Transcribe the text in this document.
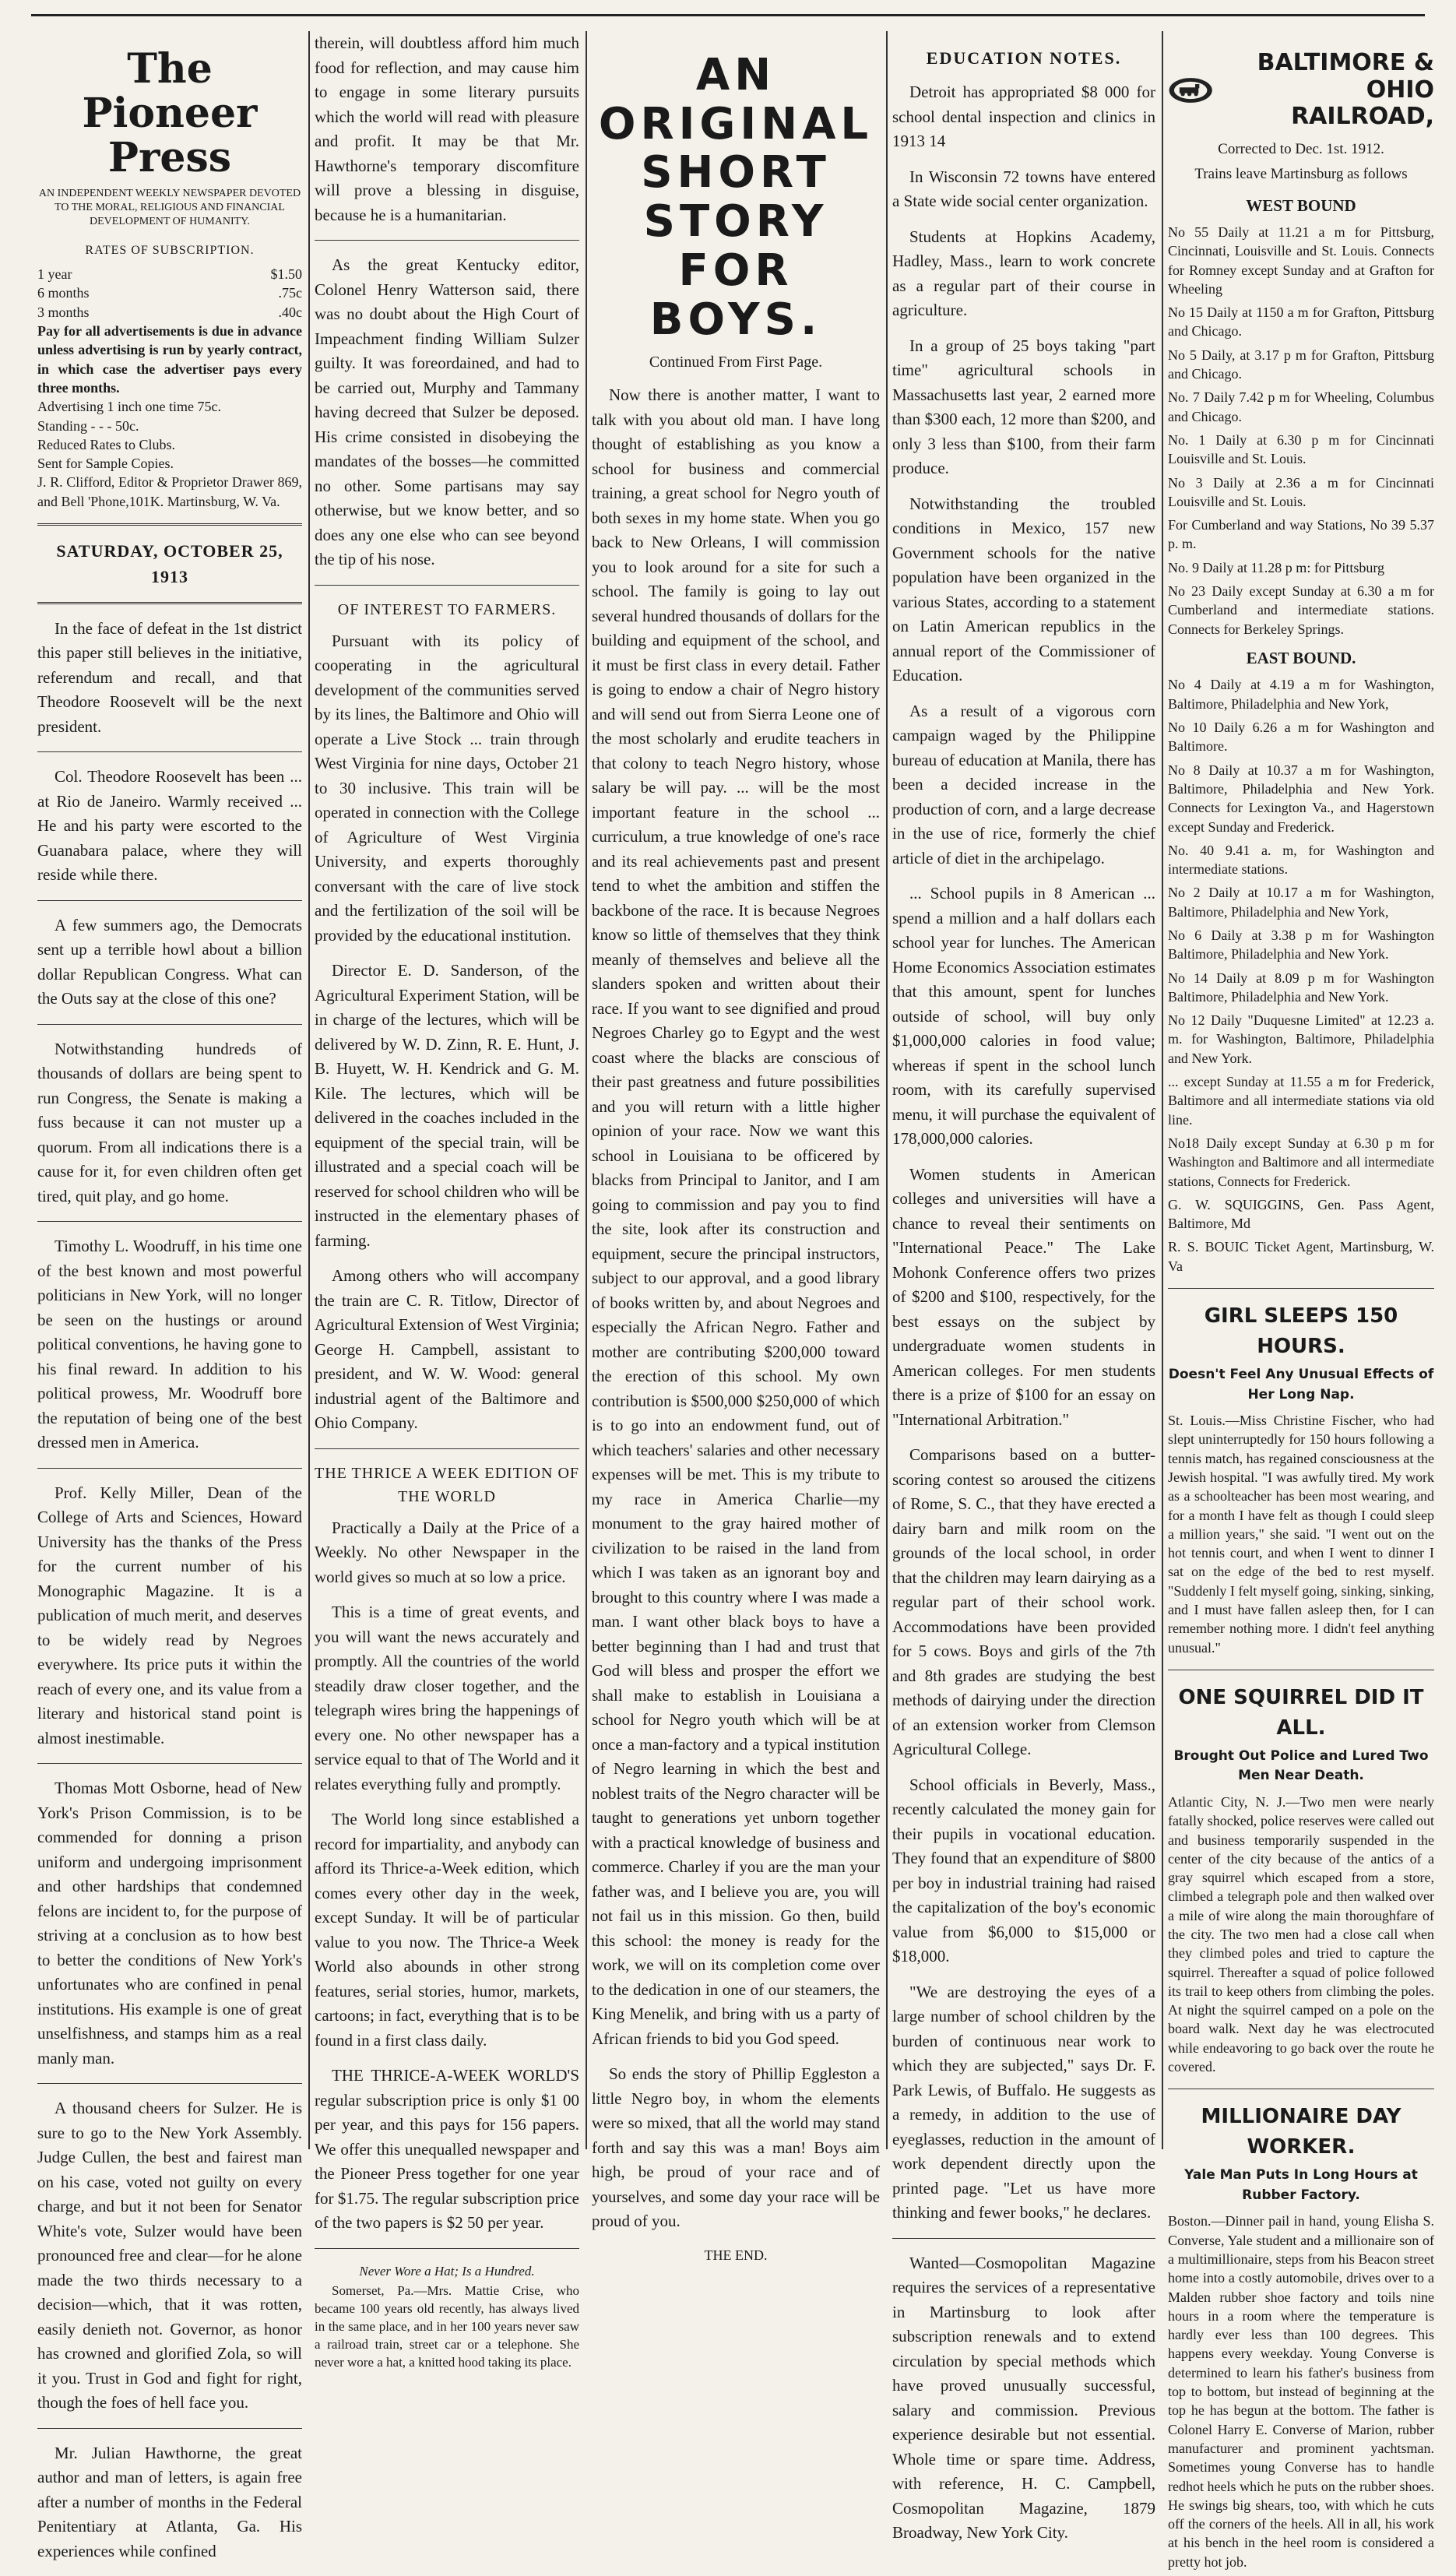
The Pioneer Press
AN INDEPENDENT WEEKLY NEWSPAPER DEVOTED TO THE MORAL, RELIGIOUS AND FINANCIAL DEVELOPMENT OF HUMANITY.
RATES OF SUBSCRIPTION.
1 year	$1.50
6 months	.75c
3 months	.40c
Pay for all advertisements is due in advance unless advertising is run by yearly contract, in which case the advertiser pays every three months.
Advertising 1 inch one time 75c.
Standing - - - 50c.
Reduced Rates to Clubs.
Sent for Sample Copies.
J. R. Clifford, Editor & Proprietor Drawer 869, and Bell 'Phone,101K. Martinsburg, W. Va.
SATURDAY, OCTOBER 25, 1913

In the face of defeat in the 1st district this paper still believes in the initiative, referendum and recall, and that Theodore Roosevelt will be the next president.

Col. Theodore Roosevelt has been ... at Rio de Janeiro. Warmly received ... He and his party were escorted to the Guanabara palace, where they will reside while there.

A few summers ago, the Democrats sent up a terrible howl about a billion dollar Republican Congress. What can the Outs say at the close of this one?

Notwithstanding hundreds of thousands of dollars are being spent to run Congress, the Senate is making a fuss because it can not muster up a quorum. From all indications there is a cause for it, for even children often get tired, quit play, and go home.

Timothy L. Woodruff, in his time one of the best known and most powerful politicians in New York, will no longer be seen on the hustings or around political conventions, he having gone to his final reward. In addition to his political prowess, Mr. Woodruff bore the reputation of being one of the best dressed men in America.

Prof. Kelly Miller, Dean of the College of Arts and Sciences, Howard University has the thanks of the Press for the current number of his Monographic Magazine. It is a publication of much merit, and deserves to be widely read by Negroes everywhere. Its price puts it within the reach of every one, and its value from a literary and historical stand point is almost inestimable.

Thomas Mott Osborne, head of New York's Prison Commission, is to be commended for donning a prison uniform and undergoing imprisonment and other hardships that condemned felons are incident to, for the purpose of striving at a conclusion as to how best to better the conditions of New York's unfortunates who are confined in penal institutions. His example is one of great unselfishness, and stamps him as a real manly man.

A thousand cheers for Sulzer. He is sure to go to the New York Assembly. Judge Cullen, the best and fairest man on his case, voted not guilty on every charge, and but it not been for Senator White's vote, Sulzer would have been pronounced free and clear—for he alone made the two thirds necessary to a decision—which, that it was rotten, easily denieth not. Governor, as honor has crowned and glorified Zola, so will it you. Trust in God and fight for right, though the foes of hell face you.

Mr. Julian Hawthorne, the great author and man of letters, is again free after a number of months in the Federal Penitentiary at Atlanta, Ga. His experiences while confined

therein, will doubtless afford him much food for reflection, and may cause him to engage in some literary pursuits which the world will read with pleasure and profit. It may be that Mr. Hawthorne's temporary discomfiture will prove a blessing in disguise, because he is a humanitarian.

As the great Kentucky editor, Colonel Henry Watterson said, there was no doubt about the High Court of Impeachment finding William Sulzer guilty. It was foreordained, and had to be carried out, Murphy and Tammany having decreed that Sulzer be deposed. His crime consisted in disobeying the mandates of the bosses—he committed no other. Some partisans may say otherwise, but we know better, and so does any one else who can see beyond the tip of his nose.

OF INTEREST TO FARMERS.

Pursuant with its policy of cooperating in the agricultural development of the communities served by its lines, the Baltimore and Ohio will operate a Live Stock ... train through West Virginia for nine days, October 21 to 30 inclusive. This train will be operated in connection with the College of Agriculture of West Virginia University, and experts thoroughly conversant with the care of live stock and the fertilization of the soil will be provided by the educational institution.

Director E. D. Sanderson, of the Agricultural Experiment Station, will be in charge of the lectures, which will be delivered by W. D. Zinn, R. E. Hunt, J. B. Huyett, W. H. Kendrick and G. M. Kile. The lectures, which will be delivered in the coaches included in the equipment of the special train, will be illustrated and a special coach will be reserved for school children who will be instructed in the elementary phases of farming.

Among others who will accompany the train are C. R. Titlow, Director of Agricultural Extension of West Virginia; George H. Campbell, assistant to president, and W. W. Wood: general industrial agent of the Baltimore and Ohio Company.

THE THRICE A WEEK EDITION OF THE WORLD

Practically a Daily at the Price of a Weekly. No other Newspaper in the world gives so much at so low a price.

This is a time of great events, and you will want the news accurately and promptly. All the countries of the world steadily draw closer together, and the telegraph wires bring the happenings of every one. No other newspaper has a service equal to that of The World and it relates everything fully and promptly.

The World long since established a record for impartiality, and anybody can afford its Thrice-a-Week edition, which comes every other day in the week, except Sunday. It will be of particular value to you now. The Thrice-a Week World also abounds in other strong features, serial stories, humor, markets, cartoons; in fact, everything that is to be found in a first class daily.

THE THRICE-A-WEEK WORLD'S regular subscription price is only $1 00 per year, and this pays for 156 papers. We offer this unequalled newspaper and the Pioneer Press together for one year for $1.75. The regular subscription price of the two papers is $2 50 per year.

Never Wore a Hat; Is a Hundred.

Somerset, Pa.—Mrs. Mattie Crise, who became 100 years old recently, has always lived in the same place, and in her 100 years never saw a railroad train, street car or a telephone. She never wore a hat, a knitted hood taking its place.

AN ORIGINAL SHORT STORY FOR BOYS.
Continued From First Page.

Now there is another matter, I want to talk with you about old man. I have long thought of establishing as you know a school for business and commercial training, a great school for Negro youth of both sexes in my home state. When you go back to New Orleans, I will commission you to look around for a site for such a school. The family is going to lay out several hundred thousands of dollars for the building and equipment of the school, and it must be first class in every detail. Father is going to endow a chair of Negro history and will send out from Sierra Leone one of the most scholarly and erudite teachers in that colony to teach Negro history, whose salary be will pay. ... will be the most important feature in the school ... curriculum, a true knowledge of one's race and its real achievements past and present tend to whet the ambition and stiffen the backbone of the race. It is because Negroes know so little of themselves that they think meanly of themselves and believe all the slanders spoken and written about their race. If you want to see dignified and proud Negroes Charley go to Egypt and the west coast where the blacks are conscious of their past greatness and future possibilities and you will return with a little higher opinion of your race. Now we want this school in Louisiana to be officered by blacks from Principal to Janitor, and I am going to commission and pay you to find the site, look after its construction and equipment, secure the principal instructors, subject to our approval, and a good library of books written by, and about Negroes and especially the African Negro. Father and mother are contributing $200,000 toward the erection of this school. My own contribution is $500,000 $250,000 of which is to go into an endowment fund, out of which teachers' salaries and other necessary expenses will be met. This is my tribute to my race in America Charlie—my monument to the gray haired mother of civilization to be raised in the land from which I was taken as an ignorant boy and brought to this country where I was made a man. I want other black boys to have a better beginning than I had and trust that God will bless and prosper the effort we shall make to establish in Louisiana a school for Negro youth which will be at once a man-factory and a typical institution of Negro learning in which the best and noblest traits of the Negro character will be taught to generations yet unborn together with a practical knowledge of business and commerce. Charley if you are the man your father was, and I believe you are, you will not fail us in this mission. Go then, build this school: the money is ready for the work, we will on its completion come over to the dedication in one of our steamers, the King Menelik, and bring with us a party of African friends to bid you God speed.

So ends the story of Phillip Eggleston a little Negro boy, in whom the elements were so mixed, that all the world may stand forth and say this was a man! Boys aim high, be proud of your race and of yourselves, and some day your race will be proud of you.

THE END.
EDUCATION NOTES.

Detroit has appropriated $8 000 for school dental inspection and clinics in 1913 14

In Wisconsin 72 towns have entered a State wide social center organization.

Students at Hopkins Academy, Hadley, Mass., learn to work concrete as a regular part of their course in agriculture.

In a group of 25 boys taking "part time" agricultural schools in Massachusetts last year, 2 earned more than $300 each, 12 more than $200, and only 3 less than $100, from their farm produce.

Notwithstanding the troubled conditions in Mexico, 157 new Government schools for the native population have been organized in the various States, according to a statement on Latin American republics in the annual report of the Commissioner of Education.

As a result of a vigorous corn campaign waged by the Philippine bureau of education at Manila, there has been a decided increase in the production of corn, and a large decrease in the use of rice, formerly the chief article of diet in the archipelago.

... School pupils in 8 American ... spend a million and a half dollars each school year for lunches. The American Home Economics Association estimates that this amount, spent for lunches outside of school, will buy only $1,000,000 calories in food value; whereas if spent in the school lunch room, with its carefully supervised menu, it will purchase the equivalent of 178,000,000 calories.

Women students in American colleges and universities will have a chance to reveal their sentiments on "International Peace." The Lake Mohonk Conference offers two prizes of $200 and $100, respectively, for the best essays on the subject by undergraduate women students in American colleges. For men students there is a prize of $100 for an essay on "International Arbitration."

Comparisons based on a butter-scoring contest so aroused the citizens of Rome, S. C., that they have erected a dairy barn and milk room on the grounds of the local school, in order that the children may learn dairying as a regular part of their school work. Accommodations have been provided for 5 cows. Boys and girls of the 7th and 8th grades are studying the best methods of dairying under the direction of an extension worker from Clemson Agricultural College.

School officials in Beverly, Mass., recently calculated the money gain for their pupils in vocational education. They found that an expenditure of $800 per boy in industrial training had raised the capitalization of the boy's economic value from $6,000 to $15,000 or $18,000.

"We are destroying the eyes of a large number of school children by the burden of continuous near work to which they are subjected," says Dr. F. Park Lewis, of Buffalo. He suggests as a remedy, in addition to the use of eyeglasses, reduction in the amount of work dependent directly upon the printed page. "Let us have more thinking and fewer books," he declares.

Wanted—Cosmopolitan Magazine requires the services of a representative in Martinsburg to look after subscription renewals and to extend circulation by special methods which have proved unusually successful, salary and commission. Previous experience desirable but not essential. Whole time or spare time. Address, with reference, H. C. Campbell, Cosmopolitan Magazine, 1879 Broadway, New York City.

BALTIMORE & OHIO RAILROAD,
Corrected to Dec. 1st. 1912.
Trains leave Martinsburg as follows
WEST BOUND

No 55 Daily at 11.21 a m for Pittsburg, Cincinnati, Louisville and St. Louis. Connects for Romney except Sunday and at Grafton for Wheeling

No 15 Daily at 1150 a m for Grafton, Pittsburg and Chicago.

No 5 Daily, at 3.17 p m for Grafton, Pittsburg and Chicago.

No. 7 Daily 7.42 p m for Wheeling, Columbus and Chicago.

No. 1 Daily at 6.30 p m for Cincinnati Louisville and St. Louis.

No 3 Daily at 2.36 a m for Cincinnati Louisville and St. Louis.

For Cumberland and way Stations, No 39 5.37 p. m.

No. 9 Daily at 11.28 p m: for Pittsburg

No 23 Daily except Sunday at 6.30 a m for Cumberland and intermediate stations. Connects for Berkeley Springs.

EAST BOUND.

No 4 Daily at 4.19 a m for Washington, Baltimore, Philadelphia and New York,

No 10 Daily 6.26 a m for Washington and Baltimore.

No 8 Daily at 10.37 a m for Washington, Baltimore, Philadelphia and New York. Connects for Lexington Va., and Hagerstown except Sunday and Frederick.

No. 40 9.41 a. m, for Washington and intermediate stations.

No 2 Daily at 10.17 a m for Washington, Baltimore, Philadelphia and New York,

No 6 Daily at 3.38 p m for Washington Baltimore, Philadelphia and New York.

No 14 Daily at 8.09 p m for Washington Baltimore, Philadelphia and New York.

No 12 Daily "Duquesne Limited" at 12.23 a. m. for Washington, Baltimore, Philadelphia and New York.

... except Sunday at 11.55 a m for Frederick, Baltimore and all intermediate stations via old line.

No18 Daily except Sunday at 6.30 p m for Washington and Baltimore and all intermediate stations, Connects for Frederick.

G. W. SQUIGGINS, Gen. Pass Agent, Baltimore, Md

R. S. BOUIC Ticket Agent, Martinsburg, W. Va

GIRL SLEEPS 150 HOURS.
Doesn't Feel Any Unusual Effects of Her Long Nap.

St. Louis.—Miss Christine Fischer, who had slept uninterruptedly for 150 hours following a tennis match, has regained consciousness at the Jewish hospital. "I was awfully tired. My work as a schoolteacher has been most wearing, and for a month I have felt as though I could sleep a million years," she said. "I went out on the hot tennis court, and when I went to dinner I sat on the edge of the bed to rest myself. "Suddenly I felt myself going, sinking, sinking, and I must have fallen asleep then, for I can remember nothing more. I didn't feel anything unusual."

ONE SQUIRREL DID IT ALL.
Brought Out Police and Lured Two Men Near Death.

Atlantic City, N. J.—Two men were nearly fatally shocked, police reserves were called out and business temporarily suspended in the center of the city because of the antics of a gray squirrel which escaped from a store, climbed a telegraph pole and then walked over a mile of wire along the main thoroughfare of the city. The two men had a close call when they climbed poles and tried to capture the squirrel. Thereafter a squad of police followed its trail to keep others from climbing the poles. At night the squirrel camped on a pole on the board walk. Next day he was electrocuted while endeavoring to go back over the route he covered.

MILLIONAIRE DAY WORKER.
Yale Man Puts In Long Hours at Rubber Factory.

Boston.—Dinner pail in hand, young Elisha S. Converse, Yale student and a millionaire son of a multimillionaire, steps from his Beacon street home into a costly automobile, drives over to a Malden rubber shoe factory and toils nine hours in a room where the temperature is hardly ever less than 100 degrees. This happens every weekday. Young Converse is determined to learn his father's business from top to bottom, but instead of beginning at the top he has begun at the bottom. The father is Colonel Harry E. Converse of Marion, rubber manufacturer and prominent yachtsman. Sometimes young Converse has to handle redhot heels which he puts on the rubber shoes. He swings big shears, too, with which he cuts off the corners of the heels. All in all, his work at his bench in the heel room is considered a pretty hot job.
